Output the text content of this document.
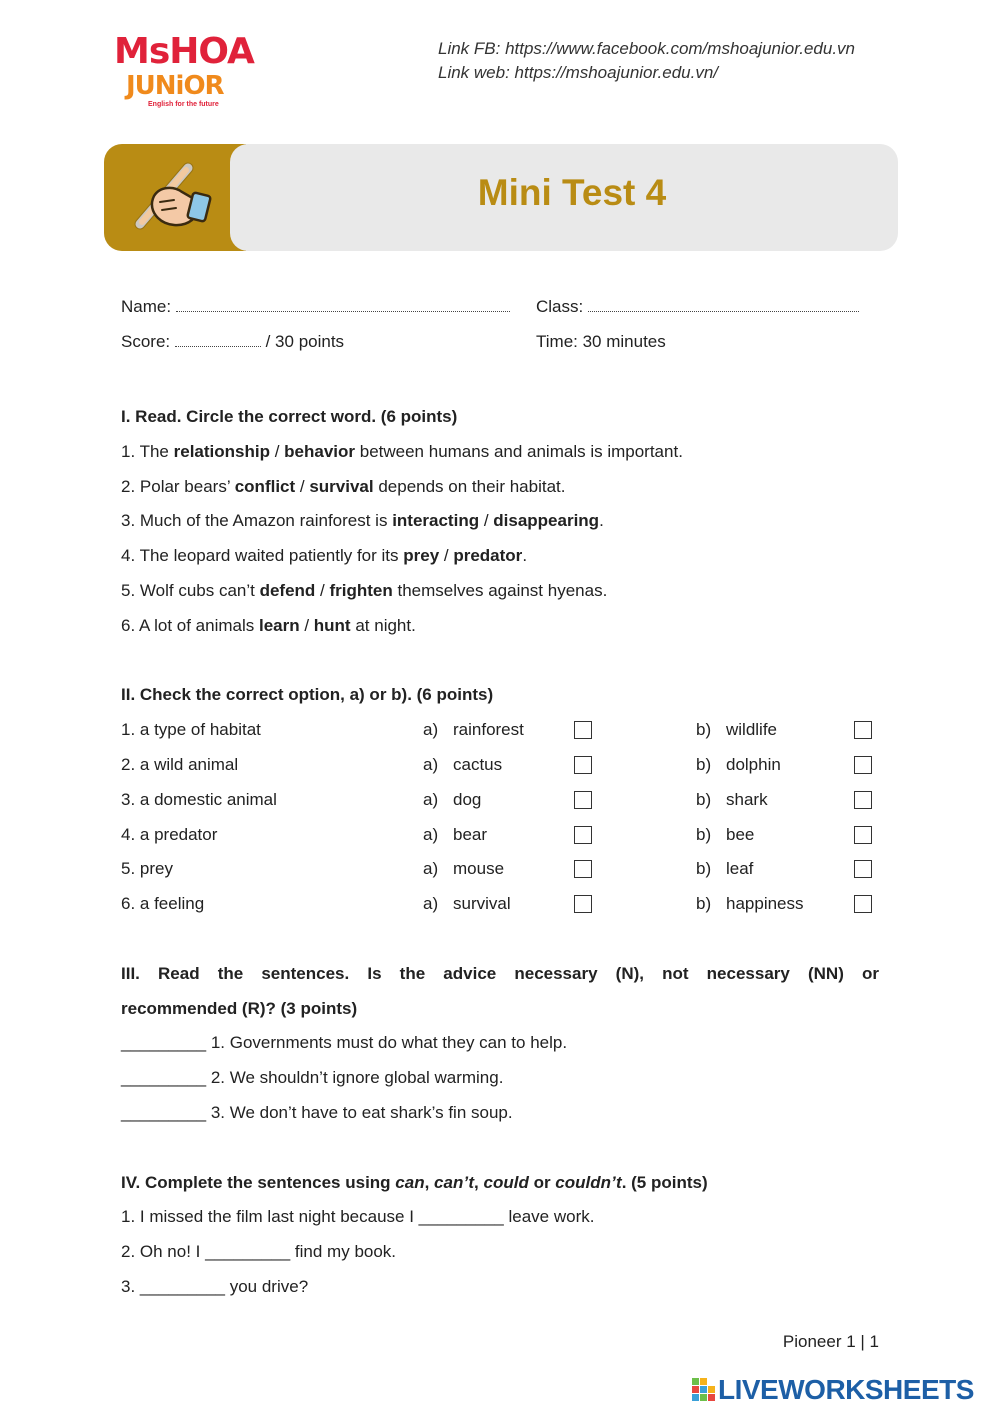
MsHOA
JUNiOR
English for the future
Link FB: https://www.facebook.com/mshoajunior.edu.vn
Link web: https://mshoajunior.edu.vn/
Mini Test 4
Name:	Class:
Score:	/ 30 points	Time: 30 minutes
I. Read. Circle the correct word. (6 points)
1. The relationship / behavior between humans and animals is important.
2. Polar bears’ conflict / survival depends on their habitat.
3. Much of the Amazon rainforest is interacting / disappearing.
4. The leopard waited patiently for its prey / predator.
5. Wolf cubs can’t defend / frighten themselves against hyenas.
6. A lot of animals learn / hunt at night.
II. Check the correct option, a) or b). (6 points)
1. a type of habitat	a) rainforest	b) wildlife
2. a wild animal	a) cactus	b) dolphin
3. a domestic animal	a) dog	b) shark
4. a predator	a) bear	b) bee
5. prey	a) mouse	b) leaf
6. a feeling	a) survival	b) happiness
III. Read the sentences. Is the advice necessary (N), not necessary (NN) or
recommended (R)? (3 points)
_________ 1. Governments must do what they can to help.
_________ 2. We shouldn’t ignore global warming.
_________ 3. We don’t have to eat shark’s fin soup.
IV. Complete the sentences using can, can’t, could or couldn’t. (5 points)
1. I missed the film last night because I _________ leave work.
2. Oh no! I _________ find my book.
3. _________ you drive?
Pioneer 1 | 1
LIVEWORKSHEETS
